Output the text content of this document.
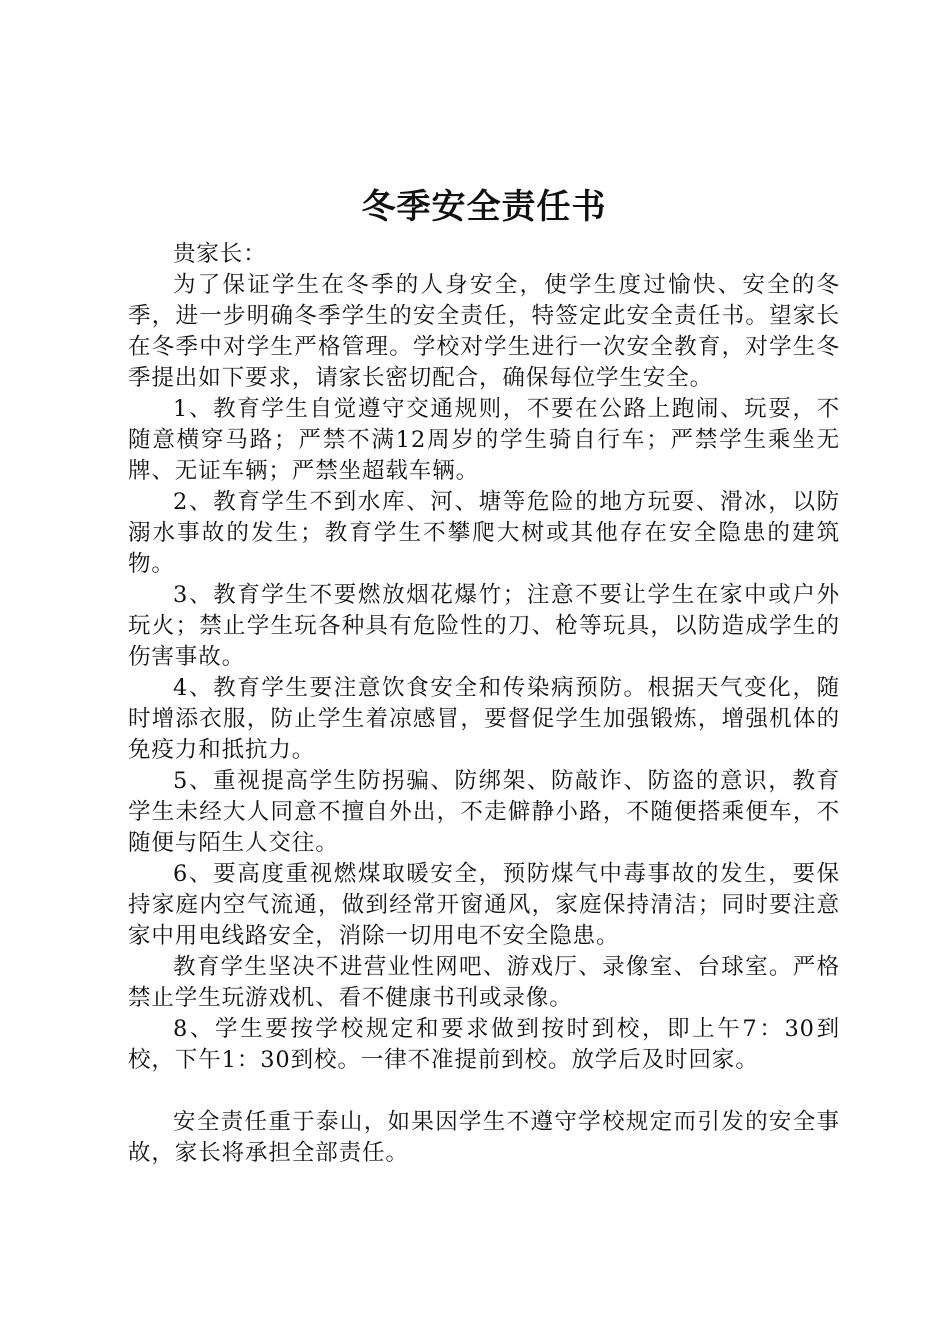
冬季安全责任书

贵家长：

为了保证学生在冬季的人身安全，使学生度过愉快、安全的冬季，进一步明确冬季学生的安全责任，特签定此安全责任书。望家长在冬季中对学生严格管理。学校对学生进行一次安全教育，对学生冬季提出如下要求，请家长密切配合，确保每位学生安全。

1、教育学生自觉遵守交通规则，不要在公路上跑闹、玩耍，不随意横穿马路；严禁不满12周岁的学生骑自行车；严禁学生乘坐无牌、无证车辆；严禁坐超载车辆。

2、教育学生不到水库、河、塘等危险的地方玩耍、滑冰，以防溺水事故的发生；教育学生不攀爬大树或其他存在安全隐患的建筑物。

3、教育学生不要燃放烟花爆竹；注意不要让学生在家中或户外玩火；禁止学生玩各种具有危险性的刀、枪等玩具，以防造成学生的伤害事故。

4、教育学生要注意饮食安全和传染病预防。根据天气变化，随时增添衣服，防止学生着凉感冒，要督促学生加强锻炼，增强机体的免疫力和抵抗力。

5、重视提高学生防拐骗、防绑架、防敲诈、防盗的意识，教育学生未经大人同意不擅自外出，不走僻静小路，不随便搭乘便车，不随便与陌生人交往。

6、要高度重视燃煤取暖安全，预防煤气中毒事故的发生，要保持家庭内空气流通，做到经常开窗通风，家庭保持清洁；同时要注意家中用电线路安全，消除一切用电不安全隐患。

教育学生坚决不进营业性网吧、游戏厅、录像室、台球室。严格禁止学生玩游戏机、看不健康书刊或录像。

8、学生要按学校规定和要求做到按时到校，即上午7：30到校，下午1：30到校。一律不准提前到校。放学后及时回家。

安全责任重于泰山，如果因学生不遵守学校规定而引发的安全事故，家长将承担全部责任。
